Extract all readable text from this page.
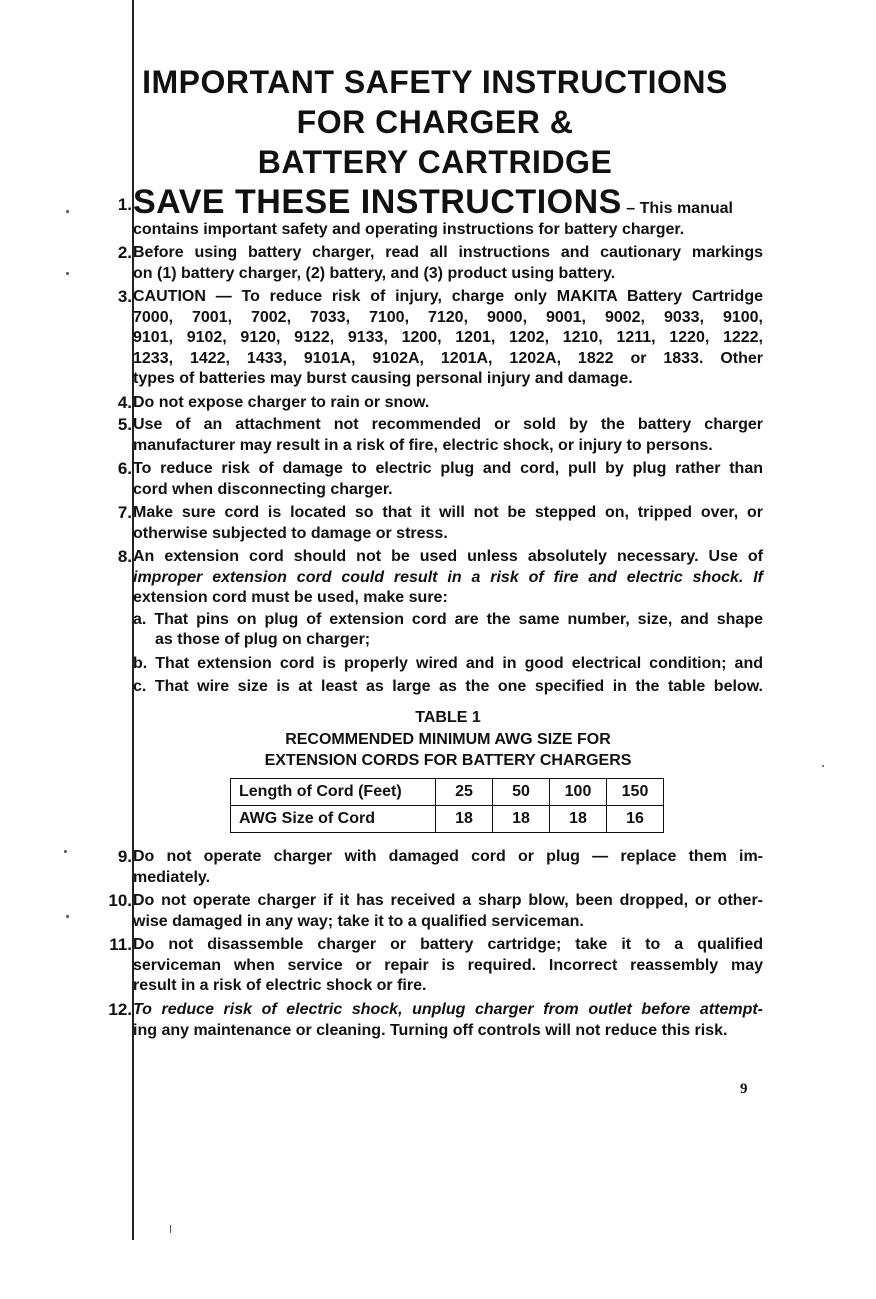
IMPORTANT SAFETY INSTRUCTIONS
FOR CHARGER &
BATTERY CARTRIDGE
1. SAVE THESE INSTRUCTIONS – This manual
contains important safety and operating instructions for battery charger.
2. Before using battery charger, read all instructions and cautionary markings
on (1) battery charger, (2) battery, and (3) product using battery.
3. CAUTION — To reduce risk of injury, charge only MAKITA Battery Cartridge
7000, 7001, 7002, 7033, 7100, 7120, 9000, 9001, 9002, 9033, 9100,
9101, 9102, 9120, 9122, 9133, 1200, 1201, 1202, 1210, 1211, 1220, 1222,
1233, 1422, 1433, 9101A, 9102A, 1201A, 1202A, 1822 or 1833. Other
types of batteries may burst causing personal injury and damage.
4. Do not expose charger to rain or snow.
5. Use of an attachment not recommended or sold by the battery charger
manufacturer may result in a risk of fire, electric shock, or injury to persons.
6. To reduce risk of damage to electric plug and cord, pull by plug rather than
cord when disconnecting charger.
7. Make sure cord is located so that it will not be stepped on, tripped over, or
otherwise subjected to damage or stress.
8. An extension cord should not be used unless absolutely necessary. Use of
improper extension cord could result in a risk of fire and electric shock. If
extension cord must be used, make sure:
a. That pins on plug of extension cord are the same number, size, and shape
as those of plug on charger;
b. That extension cord is properly wired and in good electrical condition; and
c. That wire size is at least as large as the one specified in the table below.
TABLE 1
RECOMMENDED MINIMUM AWG SIZE FOR
EXTENSION CORDS FOR BATTERY CHARGERS
Length of Cord (Feet)	25	50	100	150
AWG Size of Cord	18	18	18	16
9. Do not operate charger with damaged cord or plug — replace them im-
mediately.
10. Do not operate charger if it has received a sharp blow, been dropped, or other-
wise damaged in any way; take it to a qualified serviceman.
11. Do not disassemble charger or battery cartridge; take it to a qualified
serviceman when service or repair is required. Incorrect reassembly may
result in a risk of electric shock or fire.
12. To reduce risk of electric shock, unplug charger from outlet before attempt-
ing any maintenance or cleaning. Turning off controls will not reduce this risk.
9
